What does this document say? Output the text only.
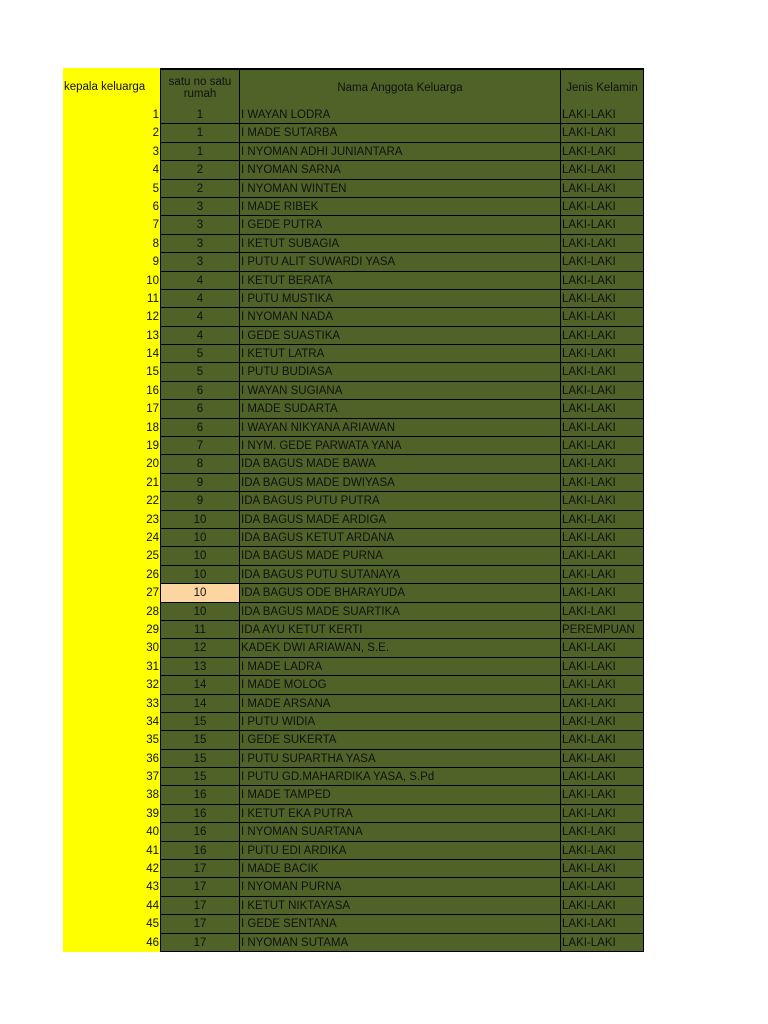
kepala keluarga	satu no satu rumah	Nama Anggota Keluarga	Jenis Kelamin
1	1	I WAYAN LODRA	LAKI-LAKI
2	1	I MADE SUTARBA	LAKI-LAKI
3	1	I NYOMAN ADHI JUNIANTARA	LAKI-LAKI
4	2	I NYOMAN SARNA	LAKI-LAKI
5	2	I NYOMAN WINTEN	LAKI-LAKI
6	3	I MADE RIBEK	LAKI-LAKI
7	3	I GEDE PUTRA	LAKI-LAKI
8	3	I KETUT SUBAGIA	LAKI-LAKI
9	3	I PUTU ALIT SUWARDI YASA	LAKI-LAKI
10	4	I KETUT BERATA	LAKI-LAKI
11	4	I PUTU MUSTIKA	LAKI-LAKI
12	4	I NYOMAN NADA	LAKI-LAKI
13	4	I GEDE SUASTIKA	LAKI-LAKI
14	5	I KETUT LATRA	LAKI-LAKI
15	5	I PUTU BUDIASA	LAKI-LAKI
16	6	I WAYAN SUGIANA	LAKI-LAKI
17	6	I MADE SUDARTA	LAKI-LAKI
18	6	I WAYAN NIKYANA ARIAWAN	LAKI-LAKI
19	7	I NYM. GEDE PARWATA YANA	LAKI-LAKI
20	8	IDA BAGUS MADE BAWA	LAKI-LAKI
21	9	IDA BAGUS MADE DWIYASA	LAKI-LAKI
22	9	IDA BAGUS PUTU PUTRA	LAKI-LAKI
23	10	IDA BAGUS MADE ARDIGA	LAKI-LAKI
24	10	IDA BAGUS KETUT ARDANA	LAKI-LAKI
25	10	IDA BAGUS MADE PURNA	LAKI-LAKI
26	10	IDA BAGUS PUTU SUTANAYA	LAKI-LAKI
27	10	IDA BAGUS ODE BHARAYUDA	LAKI-LAKI
28	10	IDA BAGUS MADE SUARTIKA	LAKI-LAKI
29	11	IDA AYU KETUT KERTI	PEREMPUAN
30	12	KADEK DWI ARIAWAN, S.E.	LAKI-LAKI
31	13	I MADE LADRA	LAKI-LAKI
32	14	I MADE MOLOG	LAKI-LAKI
33	14	I MADE ARSANA	LAKI-LAKI
34	15	I PUTU WIDIA	LAKI-LAKI
35	15	I GEDE SUKERTA	LAKI-LAKI
36	15	I PUTU SUPARTHA YASA	LAKI-LAKI
37	15	I PUTU GD.MAHARDIKA YASA, S.Pd	LAKI-LAKI
38	16	I MADE TAMPED	LAKI-LAKI
39	16	I KETUT EKA PUTRA	LAKI-LAKI
40	16	I NYOMAN SUARTANA	LAKI-LAKI
41	16	I PUTU EDI ARDIKA	LAKI-LAKI
42	17	I MADE BACIK	LAKI-LAKI
43	17	I NYOMAN PURNA	LAKI-LAKI
44	17	I KETUT NIKTAYASA	LAKI-LAKI
45	17	I GEDE SENTANA	LAKI-LAKI
46	17	I NYOMAN SUTAMA	LAKI-LAKI
